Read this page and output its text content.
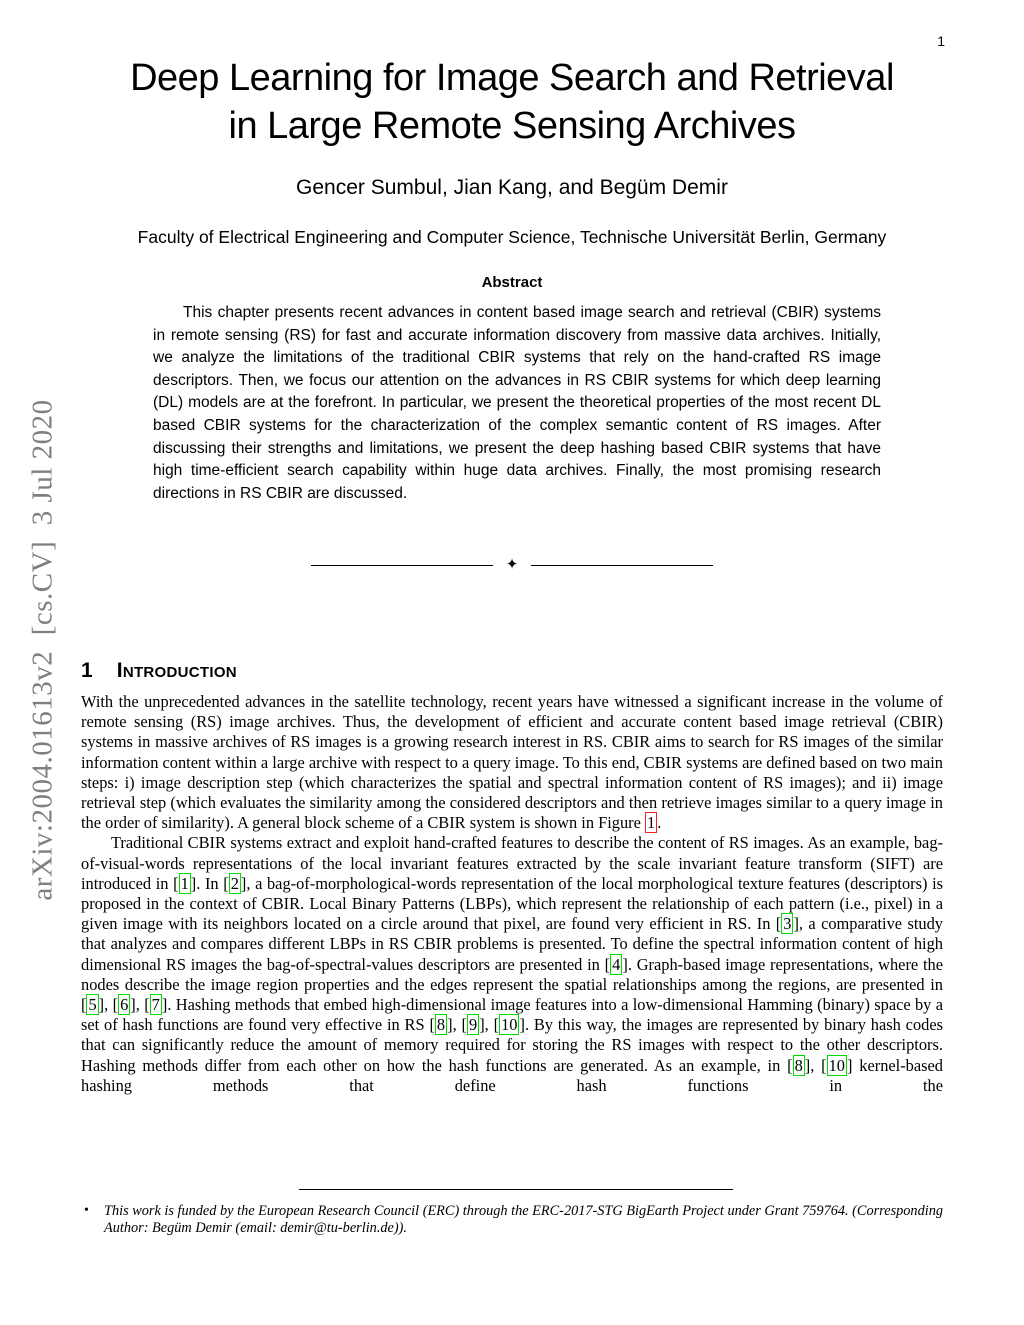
arXiv:2004.01613v2  [cs.CV]  3 Jul 2020
1
Deep Learning for Image Search and Retrieval
in Large Remote Sensing Archives
Gencer Sumbul, Jian Kang, and Begüm Demir
Faculty of Electrical Engineering and Computer Science, Technische Universität Berlin, Germany
Abstract
This chapter presents recent advances in content based image search and retrieval (CBIR) systems in remote sensing (RS) for fast and accurate information discovery from massive data archives. Initially, we analyze the limitations of the traditional CBIR systems that rely on the hand-crafted RS image descriptors. Then, we focus our attention on the advances in RS CBIR systems for which deep learning (DL) models are at the forefront. In particular, we present the theoretical properties of the most recent DL based CBIR systems for the characterization of the complex semantic content of RS images. After discussing their strengths and limitations, we present the deep hashing based CBIR systems that have high time-efficient search capability within huge data archives. Finally, the most promising research directions in RS CBIR are discussed.
✦
1 Introduction

With the unprecedented advances in the satellite technology, recent years have witnessed a significant increase in the volume of remote sensing (RS) image archives. Thus, the development of efficient and accurate content based image retrieval (CBIR) systems in massive archives of RS images is a growing research interest in RS. CBIR aims to search for RS images of the similar information content within a large archive with respect to a query image. To this end, CBIR systems are defined based on two main steps: i) image description step (which characterizes the spatial and spectral information content of RS images); and ii) image retrieval step (which evaluates the similarity among the considered descriptors and then retrieve images similar to a query image in the order of similarity). A general block scheme of a CBIR system is shown in Figure 1 .

Traditional CBIR systems extract and exploit hand-crafted features to describe the content of RS images. As an example, bag-of-visual-words representations of the local invariant features extracted by the scale invariant feature transform (SIFT) are introduced in [ 1 ]. In [ 2 ], a bag-of-morphological-words representation of the local morphological texture features (descriptors) is proposed in the context of CBIR. Local Binary Patterns (LBPs), which represent the relationship of each pattern (i.e., pixel) in a given image with its neighbors located on a circle around that pixel, are found very efficient in RS. In [ 3 ], a comparative study that analyzes and compares different LBPs in RS CBIR problems is presented. To define the spectral information content of high dimensional RS images the bag-of-spectral-values descriptors are presented in [ 4 ]. Graph-based image representations, where the nodes describe the image region properties and the edges represent the spatial relationships among the regions, are presented in [ 5 ], [ 6 ], [ 7 ]. Hashing methods that embed high-dimensional image features into a low-dimensional Hamming (binary) space by a set of hash functions are found very effective in RS [ 8 ], [ 9 ], [ 10 ]. By this way, the images are represented by binary hash codes that can significantly reduce the amount of memory required for storing the RS images with respect to the other descriptors. Hashing methods differ from each other on how the hash functions are generated. As an example, in [ 8 ], [ 10 ] kernel-based hashing methods that define hash functions in the

• This work is funded by the European Research Council (ERC) through the ERC-2017-STG BigEarth Project under Grant 759764. (Corresponding Author: Begüm Demir (email: demir@tu-berlin.de)).
